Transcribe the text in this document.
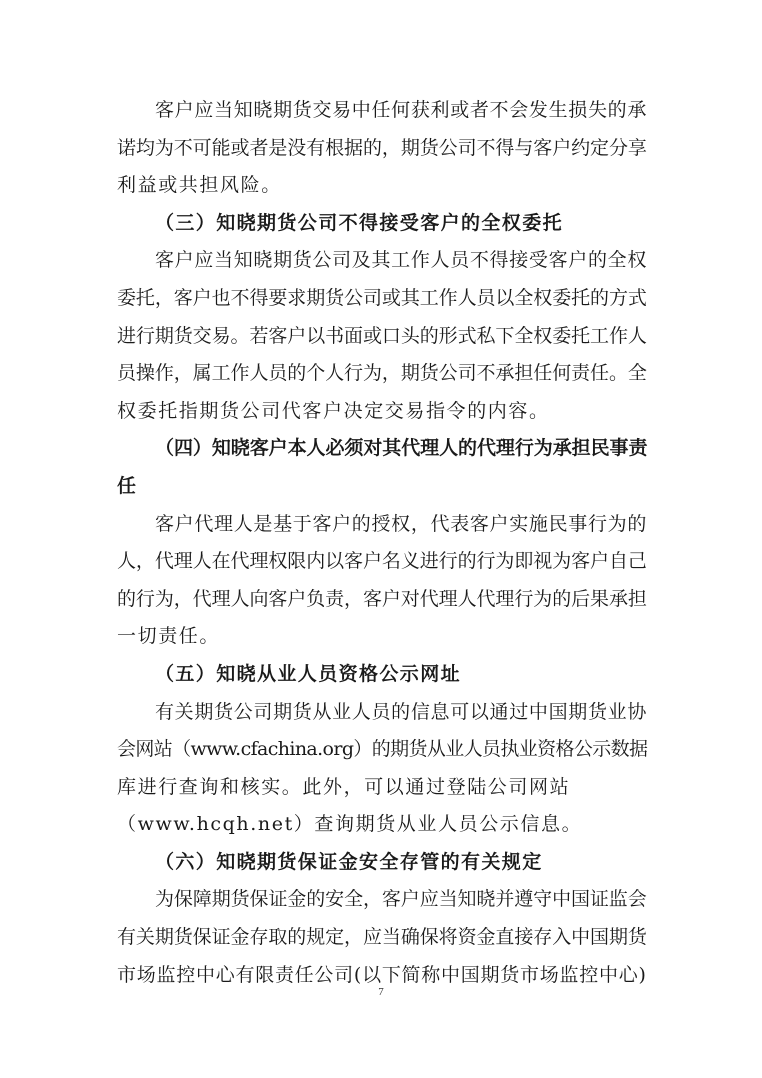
客户应当知晓期货交易中任何获利或者不会发生损失的承
诺均为不可能或者是没有根据的，期货公司不得与客户约定分享
利益或共担风险。

（三）知晓期货公司不得接受客户的全权委托

客户应当知晓期货公司及其工作人员不得接受客户的全权
委托，客户也不得要求期货公司或其工作人员以全权委托的方式
进行期货交易。若客户以书面或口头的形式私下全权委托工作人
员操作，属工作人员的个人行为，期货公司不承担任何责任。全
权委托指期货公司代客户决定交易指令的内容。

（四）知晓客户本人必须对其代理人的代理行为承担民事责
任

客户代理人是基于客户的授权，代表客户实施民事行为的
人，代理人在代理权限内以客户名义进行的行为即视为客户自己
的行为，代理人向客户负责，客户对代理人代理行为的后果承担
一切责任。

（五）知晓从业人员资格公示网址

有关期货公司期货从业人员的信息可以通过中国期货业协
会网站（www.cfachina.org）的期货从业人员执业资格公示数据
库进行查询和核实。此外，可以通过登陆公司网站
（www.hcqh.net）查询期货从业人员公示信息。

（六）知晓期货保证金安全存管的有关规定

为保障期货保证金的安全，客户应当知晓并遵守中国证监会
有关期货保证金存取的规定，应当确保将资金直接存入中国期货
市场监控中心有限责任公司(以下简称中国期货市场监控中心)

7
